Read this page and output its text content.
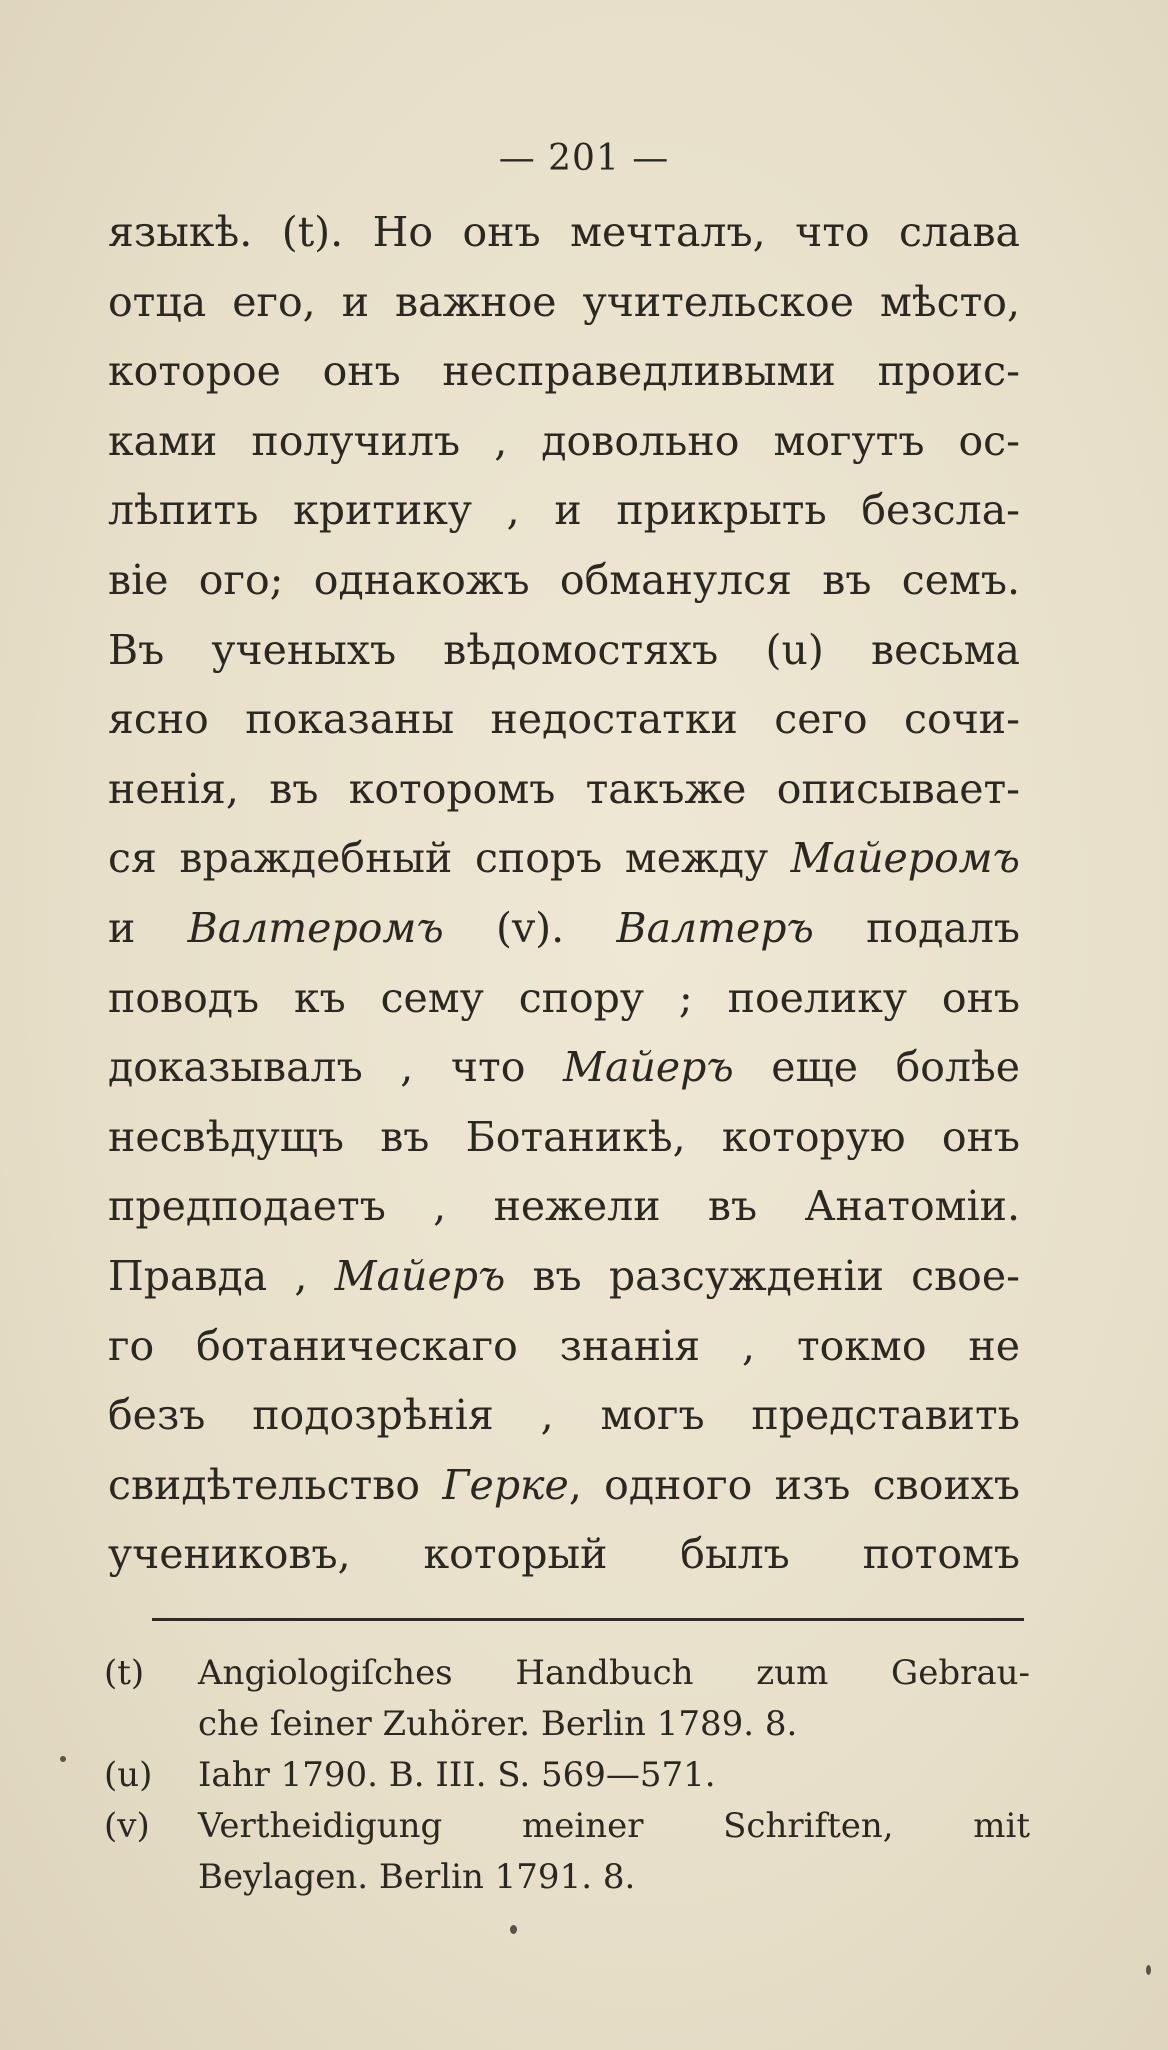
— 201 —
языкѣ. (t). Но онъ мечталъ, что слава
отца его, и важное учительское мѣсто,
которое онъ несправедливыми проис-
ками получилъ , довольно могутъ ос-
лѣпить критику , и прикрыть безсла-
віе ого; однакожъ обманулся въ семъ.
Въ ученыхъ вѣдомостяхъ (u) весьма
ясно показаны недостатки сего сочи-
ненія, въ которомъ такъже описывает-
ся враждебный споръ между Майеромъ
и Валтеромъ (v). Валтеръ подалъ
поводъ къ сему спору ; поелику онъ
доказывалъ , что Майеръ еще болѣе
несвѣдущъ въ Ботаникѣ, которую онъ
предподаетъ , нежели въ Анатоміи.
Правда , Майеръ въ разсужденіи свое-
го ботаническаго знанія , токмо не
безъ подозрѣнія , могъ представить
свидѣтельство Герке, одного изъ своихъ
учениковъ, который былъ потомъ
(t)	Angiologiſches Handbuch zum Gebrau-
che ſeiner Zuhörer. Berlin 1789. 8.
(u)	Iahr 1790. B. III. S. 569—571.
(v)	Vertheidigung meiner Schriften, mit
Beylagen. Berlin 1791. 8.
